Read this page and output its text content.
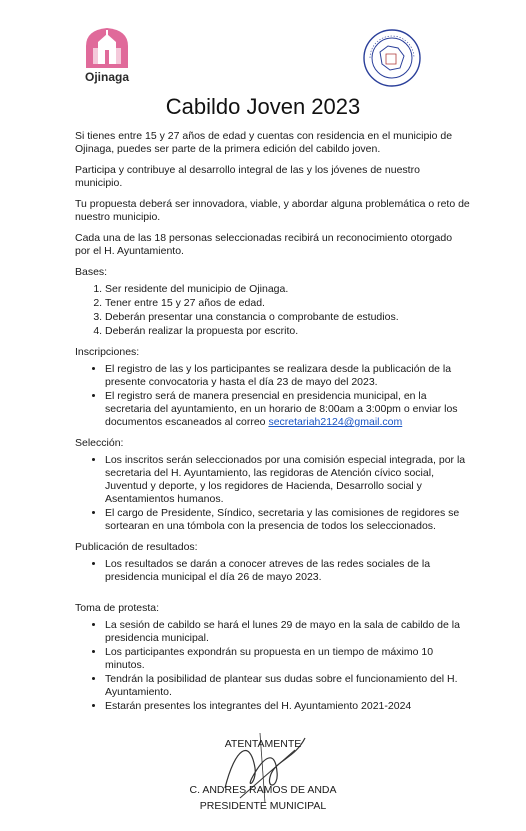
Ojinaga
Cabildo Joven 2023

Si tienes entre 15 y 27 años de edad y cuentas con residencia en el municipio de Ojinaga, puedes ser parte de la primera edición del cabildo joven.

Participa y contribuye al desarrollo integral de las y los jóvenes de nuestro municipio.

Tu propuesta deberá ser innovadora, viable, y abordar alguna problemática o reto de nuestro municipio.

Cada una de las 18 personas seleccionadas recibirá un reconocimiento otorgado por el H. Ayuntamiento.

Bases:
1. Ser residente del municipio de Ojinaga.
2. Tener entre 15 y 27 años de edad.
3. Deberán presentar una constancia o comprobante de estudios.
4. Deberán realizar la propuesta por escrito.
Inscripciones:
• El registro de las y los participantes se realizara desde la publicación de la presente convocatoria y hasta el día 23 de mayo del 2023.
• El registro será de manera presencial en presidencia municipal, en la secretaria del ayuntamiento, en un horario de 8:00am a 3:00pm o enviar los documentos escaneados al correo secretariah2124@gmail.com
Selección:
• Los inscritos serán seleccionados por una comisión especial integrada, por la secretaria del H. Ayuntamiento, las regidoras de Atención cívico social, Juventud y deporte, y los regidores de Hacienda, Desarrollo social y Asentamientos humanos.
• El cargo de Presidente, Síndico, secretaria y las comisiones de regidores se sortearan en una tómbola con la presencia de todos los seleccionados.
Publicación de resultados:
• Los resultados se darán a conocer atreves de las redes sociales de la presidencia municipal el día 26 de mayo 2023.
Toma de protesta:
• La sesión de cabildo se hará el lunes 29 de mayo en la sala de cabildo de la presidencia municipal.
• Los participantes expondrán su propuesta en un tiempo de máximo 10 minutos.
• Tendrán la posibilidad de plantear sus dudas sobre el funcionamiento del H. Ayuntamiento.
• Estarán presentes los integrantes del H. Ayuntamiento 2021-2024
ATENTAMENTE
C. ANDRES RAMOS DE ANDA
PRESIDENTE MUNICIPAL
